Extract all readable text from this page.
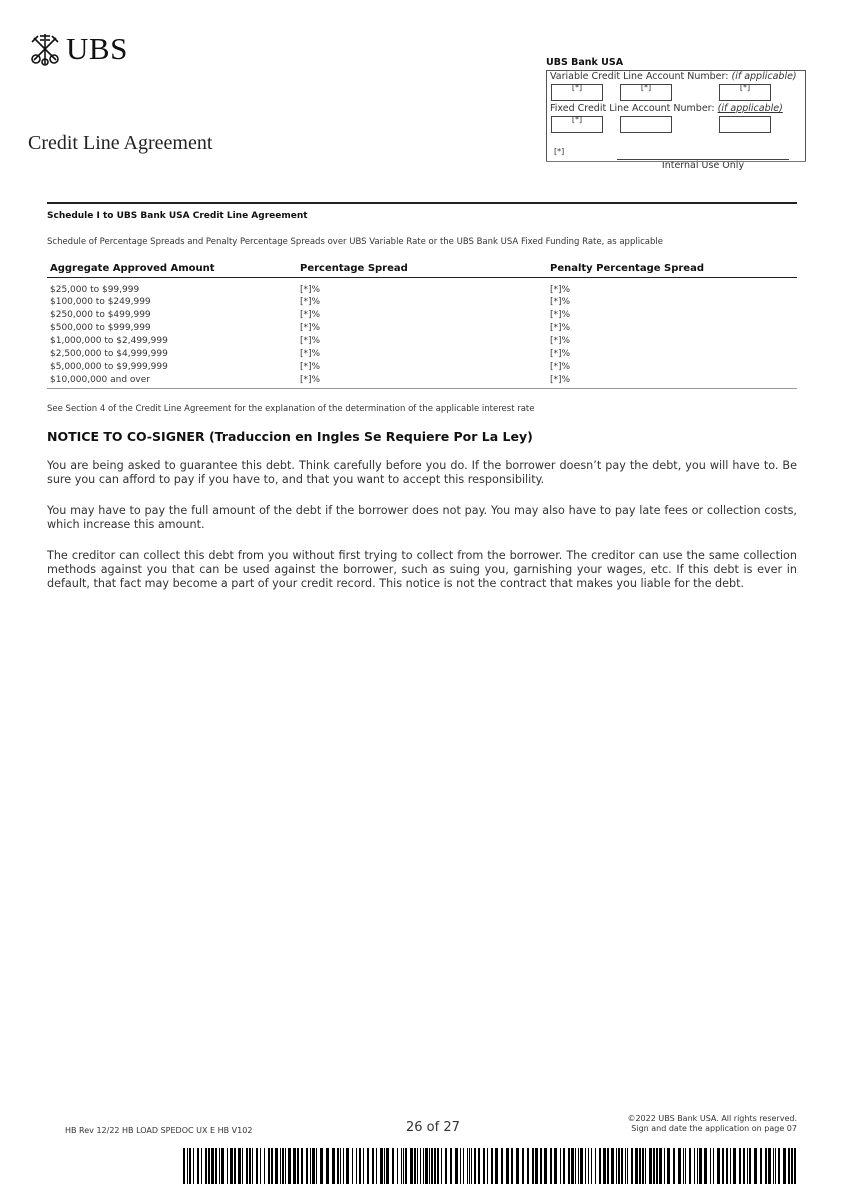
UBS
Credit Line Agreement
UBS Bank USA
Variable Credit Line Account Number: (if applicable)
[*]	[*]	[*]
Fixed Credit Line Account Number: (if applicable)
[*]
[*]
Internal Use Only
Schedule I to UBS Bank USA Credit Line Agreement
Schedule of Percentage Spreads and Penalty Percentage Spreads over UBS Variable Rate or the UBS Bank USA Fixed Funding Rate, as applicable
Aggregate Approved Amount	Percentage Spread	Penalty Percentage Spread
$25,000 to $99,999	[*]%	[*]%
$100,000 to $249,999	[*]%	[*]%
$250,000 to $499,999	[*]%	[*]%
$500,000 to $999,999	[*]%	[*]%
$1,000,000 to $2,499,999	[*]%	[*]%
$2,500,000 to $4,999,999	[*]%	[*]%
$5,000,000 to $9,999,999	[*]%	[*]%
$10,000,000 and over	[*]%	[*]%
See Section 4 of the Credit Line Agreement for the explanation of the determination of the applicable interest rate
NOTICE TO CO-SIGNER (Traduccion en Ingles Se Requiere Por La Ley)

You are being asked to guarantee this debt. Think carefully before you do. If the borrower doesn’t pay the debt, you will have to. Be sure you can afford to pay if you have to, and that you want to accept this responsibility.

You may have to pay the full amount of the debt if the borrower does not pay. You may also have to pay late fees or collection costs, which increase this amount.

The creditor can collect this debt from you without first trying to collect from the borrower. The creditor can use the same collection methods against you that can be used against the borrower, such as suing you, garnishing your wages, etc. If this debt is ever in default, that fact may become a part of your credit record. This notice is not the contract that makes you liable for the debt.

HB Rev 12/22 HB LOAD SPEDOC UX E HB V102	26 of 27
©2022 UBS Bank USA. All rights reserved.
Sign and date the application on page 07
